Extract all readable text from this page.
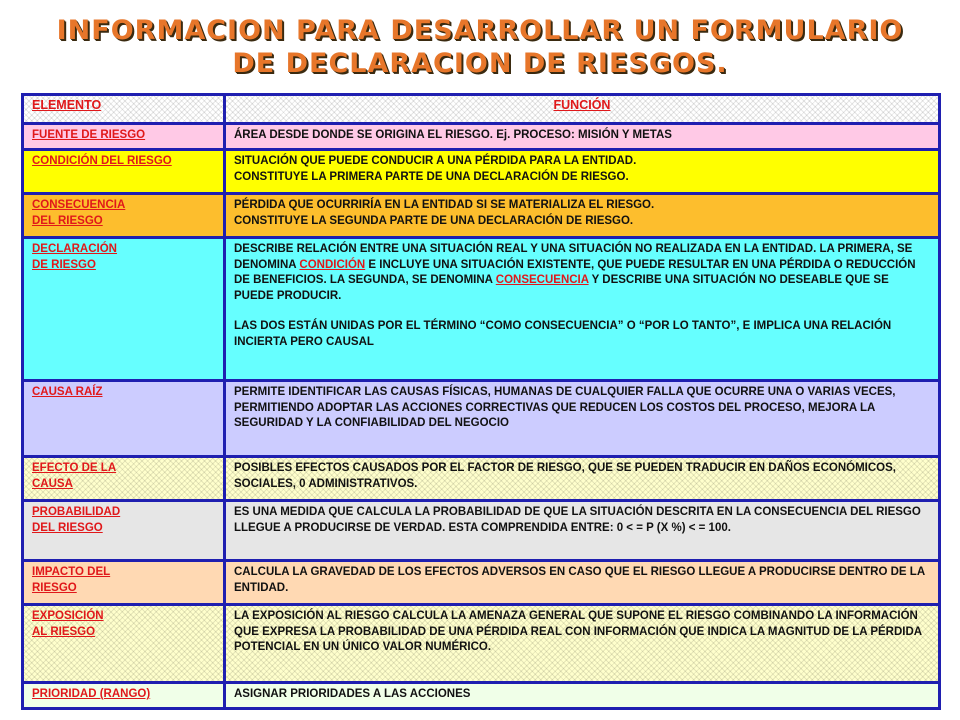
INFORMACION PARA DESARROLLAR UN FORMULARIO
DE DECLARACION DE RIESGOS.
ELEMENTO	FUNCIÓN
FUENTE DE RIESGO	ÁREA DESDE DONDE SE ORIGINA EL RIESGO. Ej. PROCESO: MISIÓN Y METAS
CONDICIÓN DEL RIESGO	SITUACIÓN QUE PUEDE CONDUCIR A UNA PÉRDIDA PARA LA ENTIDAD.
CONSTITUYE LA PRIMERA PARTE DE UNA DECLARACIÓN DE RIESGO.
CONSECUENCIA
DEL RIESGO	PÉRDIDA QUE OCURRIRÍA EN LA ENTIDAD SI SE MATERIALIZA EL RIESGO.
CONSTITUYE LA SEGUNDA PARTE DE UNA DECLARACIÓN DE RIESGO.
DECLARACIÓN
DE RIESGO	DESCRIBE RELACIÓN ENTRE UNA SITUACIÓN REAL Y UNA SITUACIÓN NO REALIZADA EN LA ENTIDAD. LA PRIMERA, SE DENOMINA CONDICIÓN E INCLUYE UNA SITUACIÓN EXISTENTE, QUE PUEDE RESULTAR EN UNA PÉRDIDA O REDUCCIÓN DE BENEFICIOS. LA SEGUNDA, SE DENOMINA CONSECUENCIA Y DESCRIBE UNA SITUACIÓN NO DESEABLE QUE SE PUEDE PRODUCIR.
LAS DOS ESTÁN UNIDAS POR EL TÉRMINO “COMO CONSECUENCIA” O “POR LO TANTO”, E IMPLICA UNA RELACIÓN INCIERTA PERO CAUSAL

CAUSA RAÍZ	PERMITE IDENTIFICAR LAS CAUSAS FÍSICAS, HUMANAS DE CUALQUIER FALLA QUE OCURRE UNA O VARIAS VECES, PERMITIENDO ADOPTAR LAS ACCIONES CORRECTIVAS QUE REDUCEN LOS COSTOS DEL PROCESO, MEJORA LA SEGURIDAD Y LA CONFIABILIDAD DEL NEGOCIO
EFECTO DE LA
CAUSA	POSIBLES EFECTOS CAUSADOS POR EL FACTOR DE RIESGO, QUE SE PUEDEN TRADUCIR EN DAÑOS ECONÓMICOS, SOCIALES, 0 ADMINISTRATIVOS.
PROBABILIDAD
DEL RIESGO	ES UNA MEDIDA QUE CALCULA LA PROBABILIDAD DE QUE LA SITUACIÓN DESCRITA EN LA CONSECUENCIA DEL RIESGO LLEGUE A PRODUCIRSE DE VERDAD. ESTA COMPRENDIDA ENTRE: 0 < = P (X %) < = 100.
IMPACTO DEL
RIESGO	CALCULA LA GRAVEDAD DE LOS EFECTOS ADVERSOS EN CASO QUE EL RIESGO LLEGUE A PRODUCIRSE DENTRO DE LA ENTIDAD.
EXPOSICIÓN
AL RIESGO	LA EXPOSICIÓN AL RIESGO CALCULA LA AMENAZA GENERAL QUE SUPONE EL RIESGO COMBINANDO LA INFORMACIÓN QUE EXPRESA LA PROBABILIDAD DE UNA PÉRDIDA REAL CON INFORMACIÓN QUE INDICA LA MAGNITUD DE LA PÉRDIDA POTENCIAL EN UN ÚNICO VALOR NUMÉRICO.
PRIORIDAD (RANGO)	ASIGNAR PRIORIDADES A LAS ACCIONES
